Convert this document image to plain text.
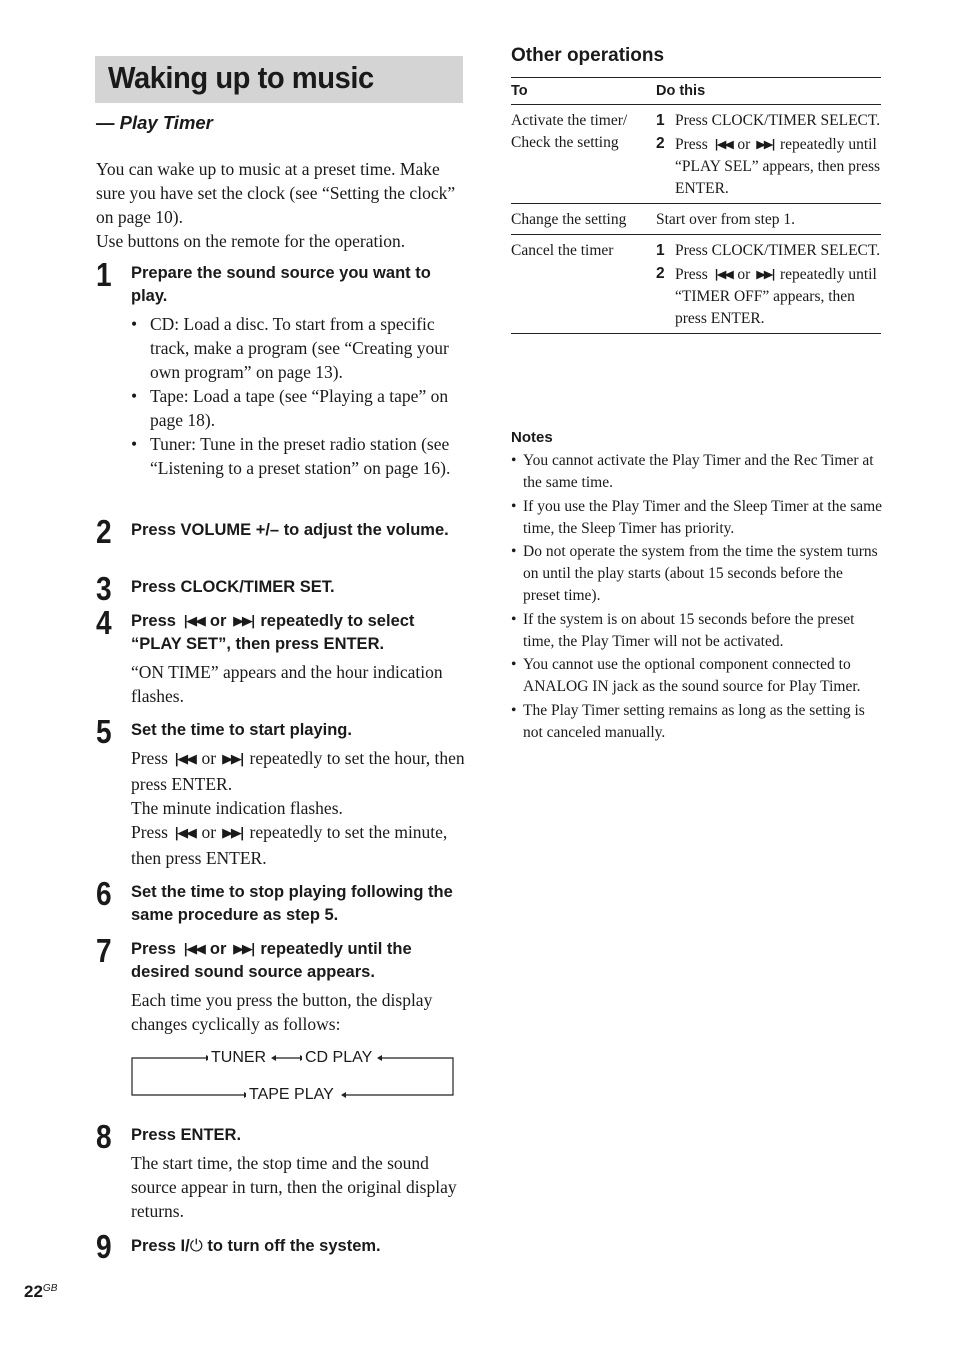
Waking up to music
— Play Timer

You can wake up to music at a preset time. Make sure you have set the clock (see “Setting the clock” on page 10).

Use buttons on the remote for the operation.

1 Prepare the sound source you want to play.
• CD: Load a disc. To start from a specific track, make a program (see “Creating your own program” on page 13).
• Tape: Load a tape (see “Playing a tape” on page 18).
• Tuner: Tune in the preset radio station (see “Listening to a preset station” on page 16).
2 Press VOLUME +/– to adjust the volume.
3 Press CLOCK/TIMER SET.
4 Press |◀◀ or ▶▶| repeatedly to select “PLAY SET”, then press ENTER.

“ON TIME” appears and the hour indication flashes.

5 Set the time to start playing.

Press |◀◀ or ▶▶| repeatedly to set the hour, then press ENTER.

The minute indication flashes.

Press |◀◀ or ▶▶| repeatedly to set the minute, then press ENTER.

6 Set the time to stop playing following the same procedure as step 5.
7 Press |◀◀ or ▶▶| repeatedly until the desired sound source appears.

Each time you press the button, the display changes cyclically as follows:

TUNER CD PLAY
TAPE PLAY
8 Press ENTER.

The start time, the stop time and the sound source appear in turn, then the original display returns.

9 Press I/⏻ to turn off the system.
Other operations
To	Do this
Activate the timer/ Check the setting	1 Press CLOCK/TIMER SELECT.
2 Press |◀◀ or ▶▶| repeatedly until “PLAY SEL” appears, then press ENTER.

Change the setting	Start over from step 1.
Cancel the timer	1 Press CLOCK/TIMER SELECT.
2 Press |◀◀ or ▶▶| repeatedly until “TIMER OFF” appears, then press ENTER.
Notes
• You cannot activate the Play Timer and the Rec Timer at the same time.
• If you use the Play Timer and the Sleep Timer at the same time, the Sleep Timer has priority.
• Do not operate the system from the time the system turns on until the play starts (about 15 seconds before the preset time).
• If the system is on about 15 seconds before the preset time, the Play Timer will not be activated.
• You cannot use the optional component connected to ANALOG IN jack as the sound source for Play Timer.
• The Play Timer setting remains as long as the setting is not canceled manually.
$22^{GB}$
